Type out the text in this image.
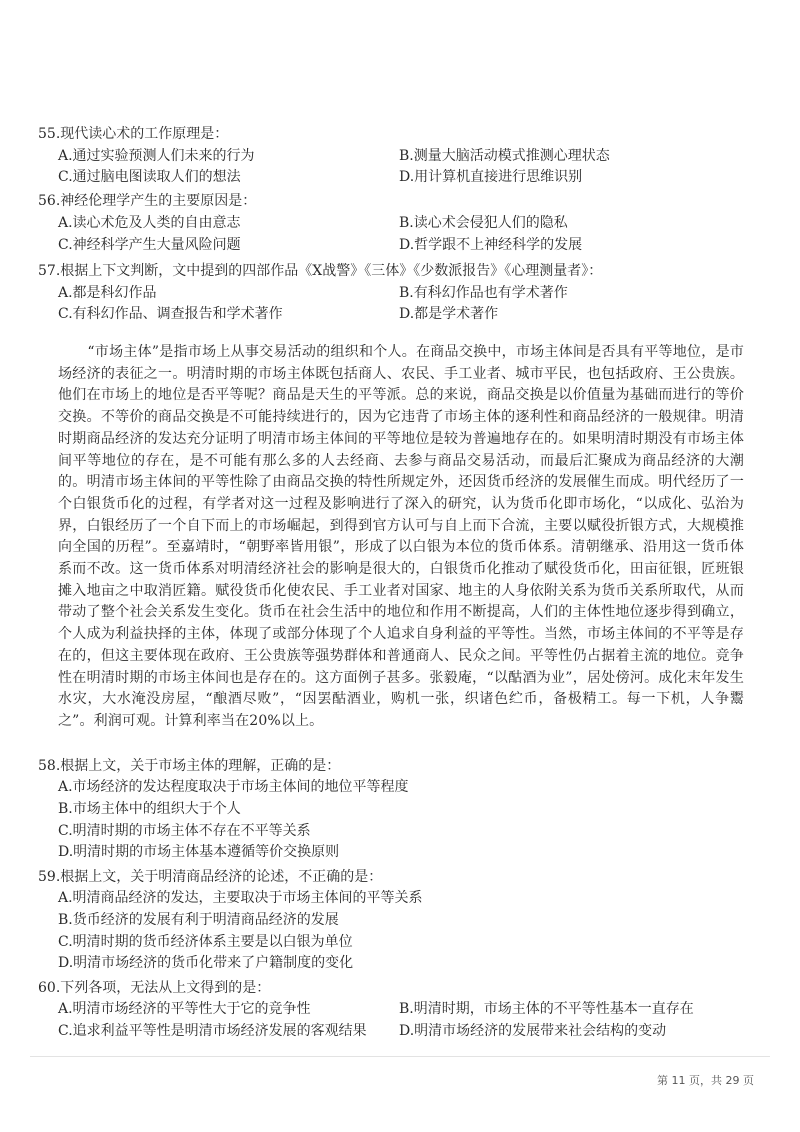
55.现代读心术的工作原理是：
A.通过实验预测人们未来的行为	B.测量大脑活动模式推测心理状态
C.通过脑电图读取人们的想法	D.用计算机直接进行思维识别
56.神经伦理学产生的主要原因是：
A.读心术危及人类的自由意志	B.读心术会侵犯人们的隐私
C.神经科学产生大量风险问题	D.哲学跟不上神经科学的发展
57.根据上下文判断，文中提到的四部作品《X战警》《三体》《少数派报告》《心理测量者》：
A.都是科幻作品	B.有科幻作品也有学术著作
C.有科幻作品、调查报告和学术著作	D.都是学术著作
“市场主体”是指市场上从事交易活动的组织和个人。在商品交换中，市场主体间是否具有平等地位，是市场经济的表征之一。明清时期的市场主体既包括商人、农民、手工业者、城市平民，也包括政府、王公贵族。他们在市场上的地位是否平等呢？商品是天生的平等派。总的来说，商品交换是以价值量为基础而进行的等价交换。不等价的商品交换是不可能持续进行的，因为它违背了市场主体的逐利性和商品经济的一般规律。明清时期商品经济的发达充分证明了明清市场主体间的平等地位是较为普遍地存在的。如果明清时期没有市场主体间平等地位的存在，是不可能有那么多的人去经商、去参与商品交易活动，而最后汇聚成为商品经济的大潮的。明清市场主体间的平等性除了由商品交换的特性所规定外，还因货币经济的发展催生而成。明代经历了一个白银货币化的过程，有学者对这一过程及影响进行了深入的研究，认为货币化即市场化，“以成化、弘治为界，白银经历了一个自下而上的市场崛起，到得到官方认可与自上而下合流，主要以赋役折银方式，大规模推向全国的历程”。至嘉靖时，“朝野率皆用银”，形成了以白银为本位的货币体系。清朝继承、沿用这一货币体系而不改。这一货币体系对明清经济社会的影响是很大的，白银货币化推动了赋役货币化，田亩征银，匠班银摊入地亩之中取消匠籍。赋役货币化使农民、手工业者对国家、地主的人身依附关系为货币关系所取代，从而带动了整个社会关系发生变化。货币在社会生活中的地位和作用不断提高，人们的主体性地位逐步得到确立，个人成为利益抉择的主体，体现了或部分体现了个人追求自身利益的平等性。当然，市场主体间的不平等是存在的，但这主要体现在政府、王公贵族等强势群体和普通商人、民众之间。平等性仍占据着主流的地位。竞争性在明清时期的市场主体间也是存在的。这方面例子甚多。张毅庵，“以酤酒为业”，居处傍河。成化末年发生水灾，大水淹没房屋，“酿酒尽败”，“因罢酤酒业，购机一张，织诸色纻币，备极精工。每一下机，人争鬻之”。利润可观。计算利率当在20%以上。
58.根据上文，关于市场主体的理解，正确的是：
A.市场经济的发达程度取决于市场主体间的地位平等程度
B.市场主体中的组织大于个人
C.明清时期的市场主体不存在不平等关系
D.明清时期的市场主体基本遵循等价交换原则
59.根据上文，关于明清商品经济的论述，不正确的是：
A.明清商品经济的发达，主要取决于市场主体间的平等关系
B.货币经济的发展有利于明清商品经济的发展
C.明清时期的货币经济体系主要是以白银为单位
D.明清市场经济的货币化带来了户籍制度的变化
60.下列各项，无法从上文得到的是：
A.明清市场经济的平等性大于它的竞争性	B.明清时期，市场主体的不平等性基本一直存在
C.追求利益平等性是明清市场经济发展的客观结果 D.明清市场经济的发展带来社会结构的变动
第 11 页，共 29 页
